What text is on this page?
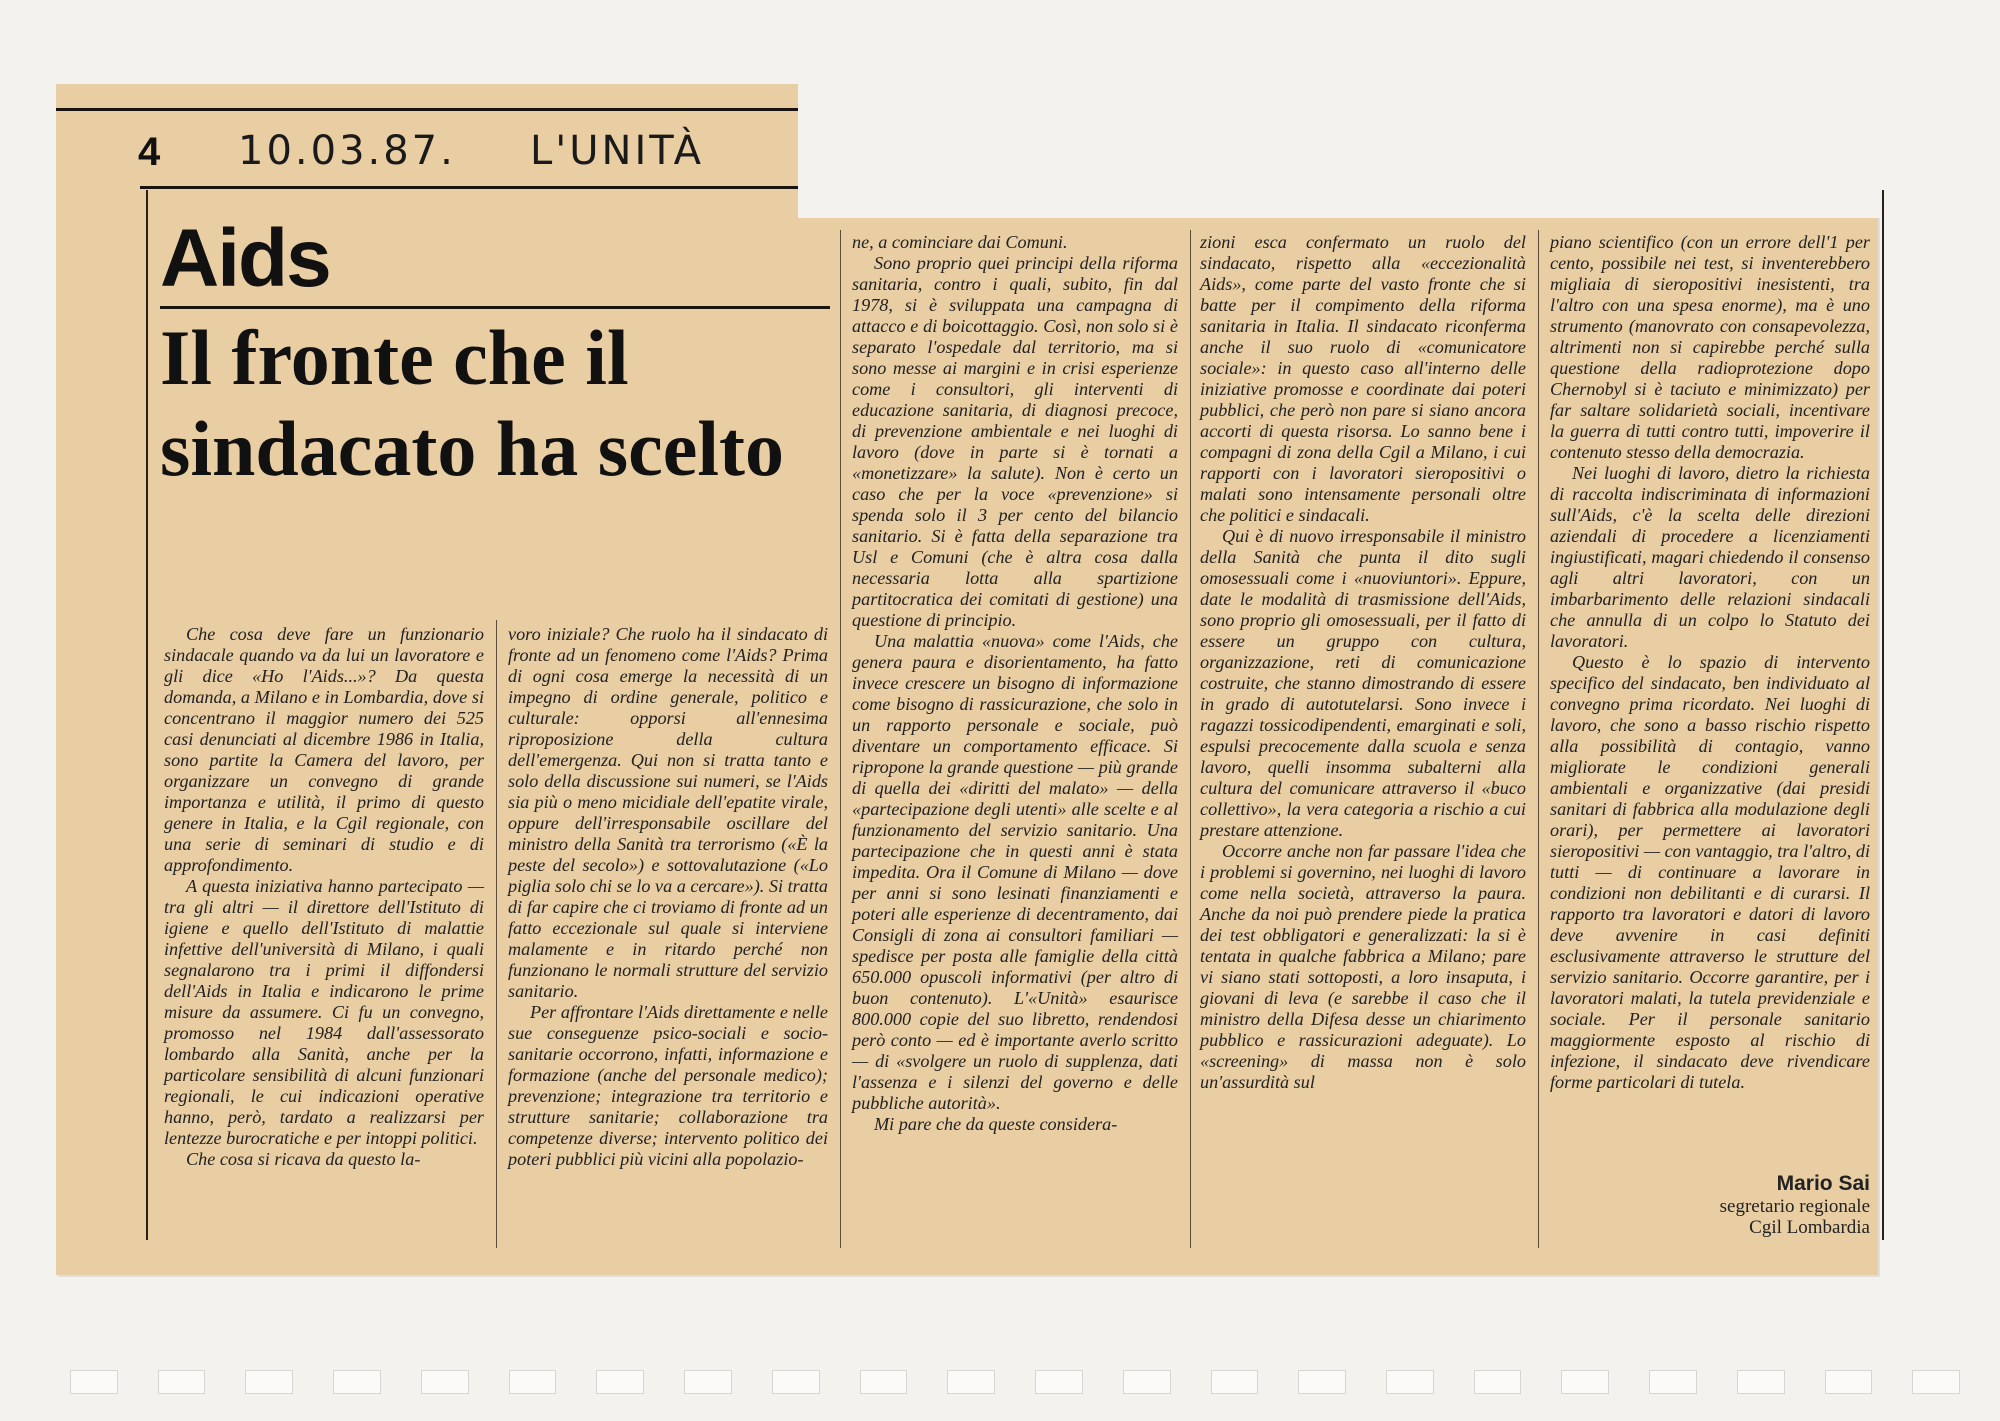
4 10.03.87. L'UNITÀ
Aids
Il fronte che il sindacato ha scelto

Che cosa deve fare un funzionario sindacale quando va da lui un lavoratore e gli dice «Ho l'Aids...»? Da questa domanda, a Milano e in Lombardia, dove si concentrano il maggior numero dei 525 casi denunciati al dicembre 1986 in Italia, sono partite la Camera del lavoro, per organizzare un convegno di grande importanza e utilità, il primo di questo genere in Italia, e la Cgil regionale, con una serie di seminari di studio e di approfondimento.

A questa iniziativa hanno partecipato — tra gli altri — il direttore dell'Istituto di igiene e quello dell'Istituto di malattie infettive dell'università di Milano, i quali segnalarono tra i primi il diffondersi dell'Aids in Italia e indicarono le prime misure da assumere. Ci fu un convegno, promosso nel 1984 dall'assessorato lombardo alla Sanità, anche per la particolare sensibilità di alcuni funzionari regionali, le cui indicazioni operative hanno, però, tardato a realizzarsi per lentezze burocratiche e per intoppi politici.

Che cosa si ricava da questo la-

voro iniziale? Che ruolo ha il sindacato di fronte ad un fenomeno come l'Aids? Prima di ogni cosa emerge la necessità di un impegno di ordine generale, politico e culturale: opporsi all'ennesima riproposizione della cultura dell'emergenza. Qui non si tratta tanto e solo della discussione sui numeri, se l'Aids sia più o meno micidiale dell'epatite virale, oppure dell'irresponsabile oscillare del ministro della Sanità tra terrorismo («È la peste del secolo») e sottovalutazione («Lo piglia solo chi se lo va a cercare»). Si tratta di far capire che ci troviamo di fronte ad un fatto eccezionale sul quale si interviene malamente e in ritardo perché non funzionano le normali strutture del servizio sanitario.

Per affrontare l'Aids direttamente e nelle sue conseguenze psico-sociali e socio-sanitarie occorrono, infatti, informazione e formazione (anche del personale medico); prevenzione; integrazione tra territorio e strutture sanitarie; collaborazione tra competenze diverse; intervento politico dei poteri pubblici più vicini alla popolazio-

ne, a cominciare dai Comuni.

Sono proprio quei principi della riforma sanitaria, contro i quali, subito, fin dal 1978, si è sviluppata una campagna di attacco e di boicottaggio. Così, non solo si è separato l'ospedale dal territorio, ma si sono messe ai margini e in crisi esperienze come i consultori, gli interventi di educazione sanitaria, di diagnosi precoce, di prevenzione ambientale e nei luoghi di lavoro (dove in parte si è tornati a «monetizzare» la salute). Non è certo un caso che per la voce «prevenzione» si spenda solo il 3 per cento del bilancio sanitario. Si è fatta della separazione tra Usl e Comuni (che è altra cosa dalla necessaria lotta alla spartizione partitocratica dei comitati di gestione) una questione di principio.

Una malattia «nuova» come l'Aids, che genera paura e disorientamento, ha fatto invece crescere un bisogno di informazione come bisogno di rassicurazione, che solo in un rapporto personale e sociale, può diventare un comportamento efficace. Si ripropone la grande questione — più grande di quella dei «diritti del malato» — della «partecipazione degli utenti» alle scelte e al funzionamento del servizio sanitario. Una partecipazione che in questi anni è stata impedita. Ora il Comune di Milano — dove per anni si sono lesinati finanziamenti e poteri alle esperienze di decentramento, dai Consigli di zona ai consultori familiari — spedisce per posta alle famiglie della città 650.000 opuscoli informativi (per altro di buon contenuto). L'«Unità» esaurisce 800.000 copie del suo libretto, rendendosi però conto — ed è importante averlo scritto — di «svolgere un ruolo di supplenza, dati l'assenza e i silenzi del governo e delle pubbliche autorità».

Mi pare che da queste considera-

zioni esca confermato un ruolo del sindacato, rispetto alla «eccezionalità Aids», come parte del vasto fronte che si batte per il compimento della riforma sanitaria in Italia. Il sindacato riconferma anche il suo ruolo di «comunicatore sociale»: in questo caso all'interno delle iniziative promosse e coordinate dai poteri pubblici, che però non pare si siano ancora accorti di questa risorsa. Lo sanno bene i compagni di zona della Cgil a Milano, i cui rapporti con i lavoratori sieropositivi o malati sono intensamente personali oltre che politici e sindacali.

Qui è di nuovo irresponsabile il ministro della Sanità che punta il dito sugli omosessuali come i «nuoviuntori». Eppure, date le modalità di trasmissione dell'Aids, sono proprio gli omosessuali, per il fatto di essere un gruppo con cultura, organizzazione, reti di comunicazione costruite, che stanno dimostrando di essere in grado di autotutelarsi. Sono invece i ragazzi tossicodipendenti, emarginati e soli, espulsi precocemente dalla scuola e senza lavoro, quelli insomma subalterni alla cultura del comunicare attraverso il «buco collettivo», la vera categoria a rischio a cui prestare attenzione.

Occorre anche non far passare l'idea che i problemi si governino, nei luoghi di lavoro come nella società, attraverso la paura. Anche da noi può prendere piede la pratica dei test obbligatori e generalizzati: la si è tentata in qualche fabbrica a Milano; pare vi siano stati sottoposti, a loro insaputa, i giovani di leva (e sarebbe il caso che il ministro della Difesa desse un chiarimento pubblico e rassicurazioni adeguate). Lo «screening» di massa non è solo un'assurdità sul

piano scientifico (con un errore dell'1 per cento, possibile nei test, si inventerebbero migliaia di sieropositivi inesistenti, tra l'altro con una spesa enorme), ma è uno strumento (manovrato con consapevolezza, altrimenti non si capirebbe perché sulla questione della radioprotezione dopo Chernobyl si è taciuto e minimizzato) per far saltare solidarietà sociali, incentivare la guerra di tutti contro tutti, impoverire il contenuto stesso della democrazia.

Nei luoghi di lavoro, dietro la richiesta di raccolta indiscriminata di informazioni sull'Aids, c'è la scelta delle direzioni aziendali di procedere a licenziamenti ingiustificati, magari chiedendo il consenso agli altri lavoratori, con un imbarbarimento delle relazioni sindacali che annulla di un colpo lo Statuto dei lavoratori.

Questo è lo spazio di intervento specifico del sindacato, ben individuato al convegno prima ricordato. Nei luoghi di lavoro, che sono a basso rischio rispetto alla possibilità di contagio, vanno migliorate le condizioni generali ambientali e organizzative (dai presidi sanitari di fabbrica alla modulazione degli orari), per permettere ai lavoratori sieropositivi — con vantaggio, tra l'altro, di tutti — di continuare a lavorare in condizioni non debilitanti e di curarsi. Il rapporto tra lavoratori e datori di lavoro deve avvenire in casi definiti esclusivamente attraverso le strutture del servizio sanitario. Occorre garantire, per i lavoratori malati, la tutela previdenziale e sociale. Per il personale sanitario maggiormente esposto al rischio di infezione, il sindacato deve rivendicare forme particolari di tutela.

Mario Sai
segretario regionale
Cgil Lombardia
